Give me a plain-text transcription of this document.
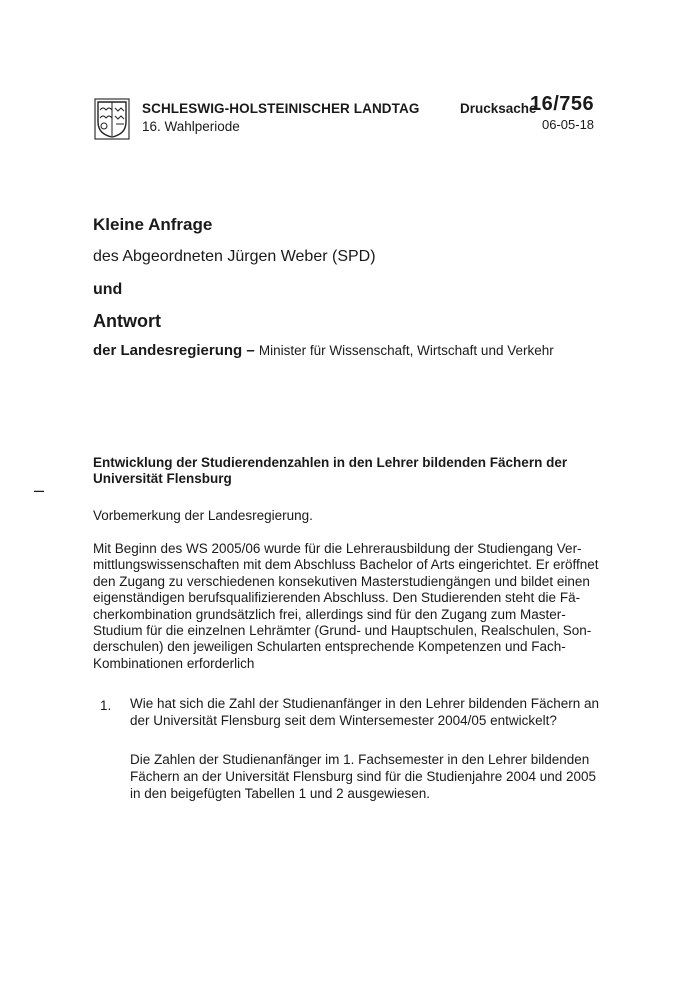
SCHLESWIG-HOLSTEINISCHER LANDTAG
16. Wahlperiode
Drucksache
16/756
06-05-18
Kleine Anfrage
des Abgeordneten Jürgen Weber (SPD)
und
Antwort
der Landesregierung – Minister für Wissenschaft, Wirtschaft und Verkehr
Entwicklung der Studierendenzahlen in den Lehrer bildenden Fächern der Universität Flensburg
–
Vorbemerkung der Landesregierung.
Mit Beginn des WS 2005/06 wurde für die Lehrerausbildung der Studiengang Ver-
mittlungswissenschaften mit dem Abschluss Bachelor of Arts eingerichtet. Er eröffnet
den Zugang zu verschiedenen konsekutiven Masterstudiengängen und bildet einen
eigenständigen berufsqualifizierenden Abschluss. Den Studierenden steht die Fä-
cherkombination grundsätzlich frei, allerdings sind für den Zugang zum Master-
Studium für die einzelnen Lehrämter (Grund- und Hauptschulen, Realschulen, Son-
derschulen) den jeweiligen Schularten entsprechende Kompetenzen und Fach-
Kombinationen erforderlich
1. Wie hat sich die Zahl der Studienanfänger in den Lehrer bildenden Fächern an
der Universität Flensburg seit dem Wintersemester 2004/05 entwickelt?
Die Zahlen der Studienanfänger im 1. Fachsemester in den Lehrer bildenden
Fächern an der Universität Flensburg sind für die Studienjahre 2004 und 2005
in den beigefügten Tabellen 1 und 2 ausgewiesen.
